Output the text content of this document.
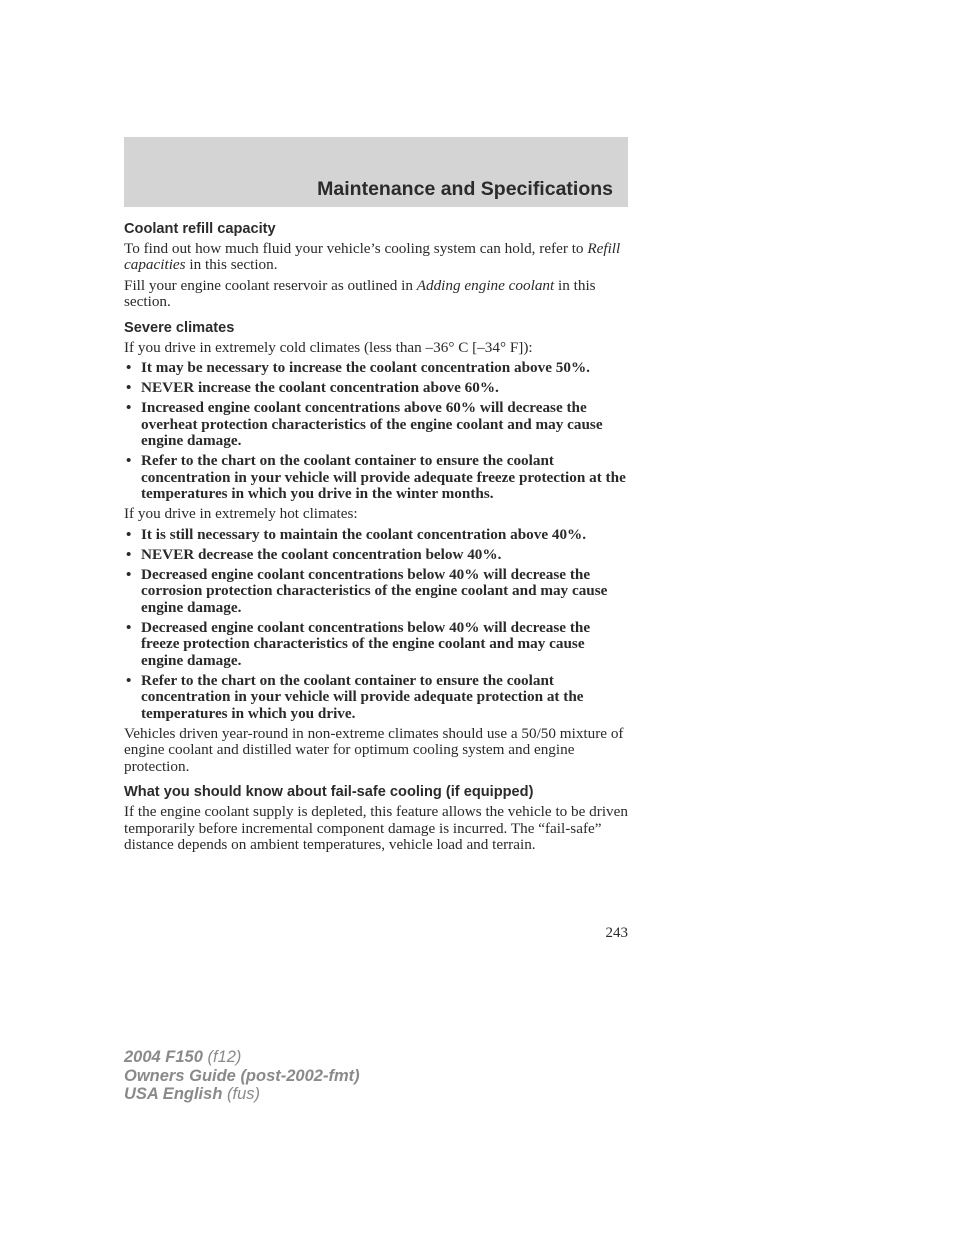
Maintenance and Specifications
Coolant refill capacity

To find out how much fluid your vehicle’s cooling system can hold, refer to Refill capacities in this section.

Fill your engine coolant reservoir as outlined in Adding engine coolant in this section.

Severe climates

If you drive in extremely cold climates (less than –36° C [–34° F]):

• It may be necessary to increase the coolant concentration above 50%.
• NEVER increase the coolant concentration above 60%.
• Increased engine coolant concentrations above 60% will decrease the overheat protection characteristics of the engine coolant and may cause engine damage.
• Refer to the chart on the coolant container to ensure the coolant concentration in your vehicle will provide adequate freeze protection at the temperatures in which you drive in the winter months.

If you drive in extremely hot climates:

• It is still necessary to maintain the coolant concentration above 40%.
• NEVER decrease the coolant concentration below 40%.
• Decreased engine coolant concentrations below 40% will decrease the corrosion protection characteristics of the engine coolant and may cause engine damage.
• Decreased engine coolant concentrations below 40% will decrease the freeze protection characteristics of the engine coolant and may cause engine damage.
• Refer to the chart on the coolant container to ensure the coolant concentration in your vehicle will provide adequate protection at the temperatures in which you drive.

Vehicles driven year-round in non-extreme climates should use a 50/50 mixture of engine coolant and distilled water for optimum cooling system and engine protection.

What you should know about fail-safe cooling (if equipped)

If the engine coolant supply is depleted, this feature allows the vehicle to be driven temporarily before incremental component damage is incurred. The “fail-safe” distance depends on ambient temperatures, vehicle load and terrain.

243
2004 F150 (f12)
Owners Guide (post-2002-fmt)
USA English (fus)
